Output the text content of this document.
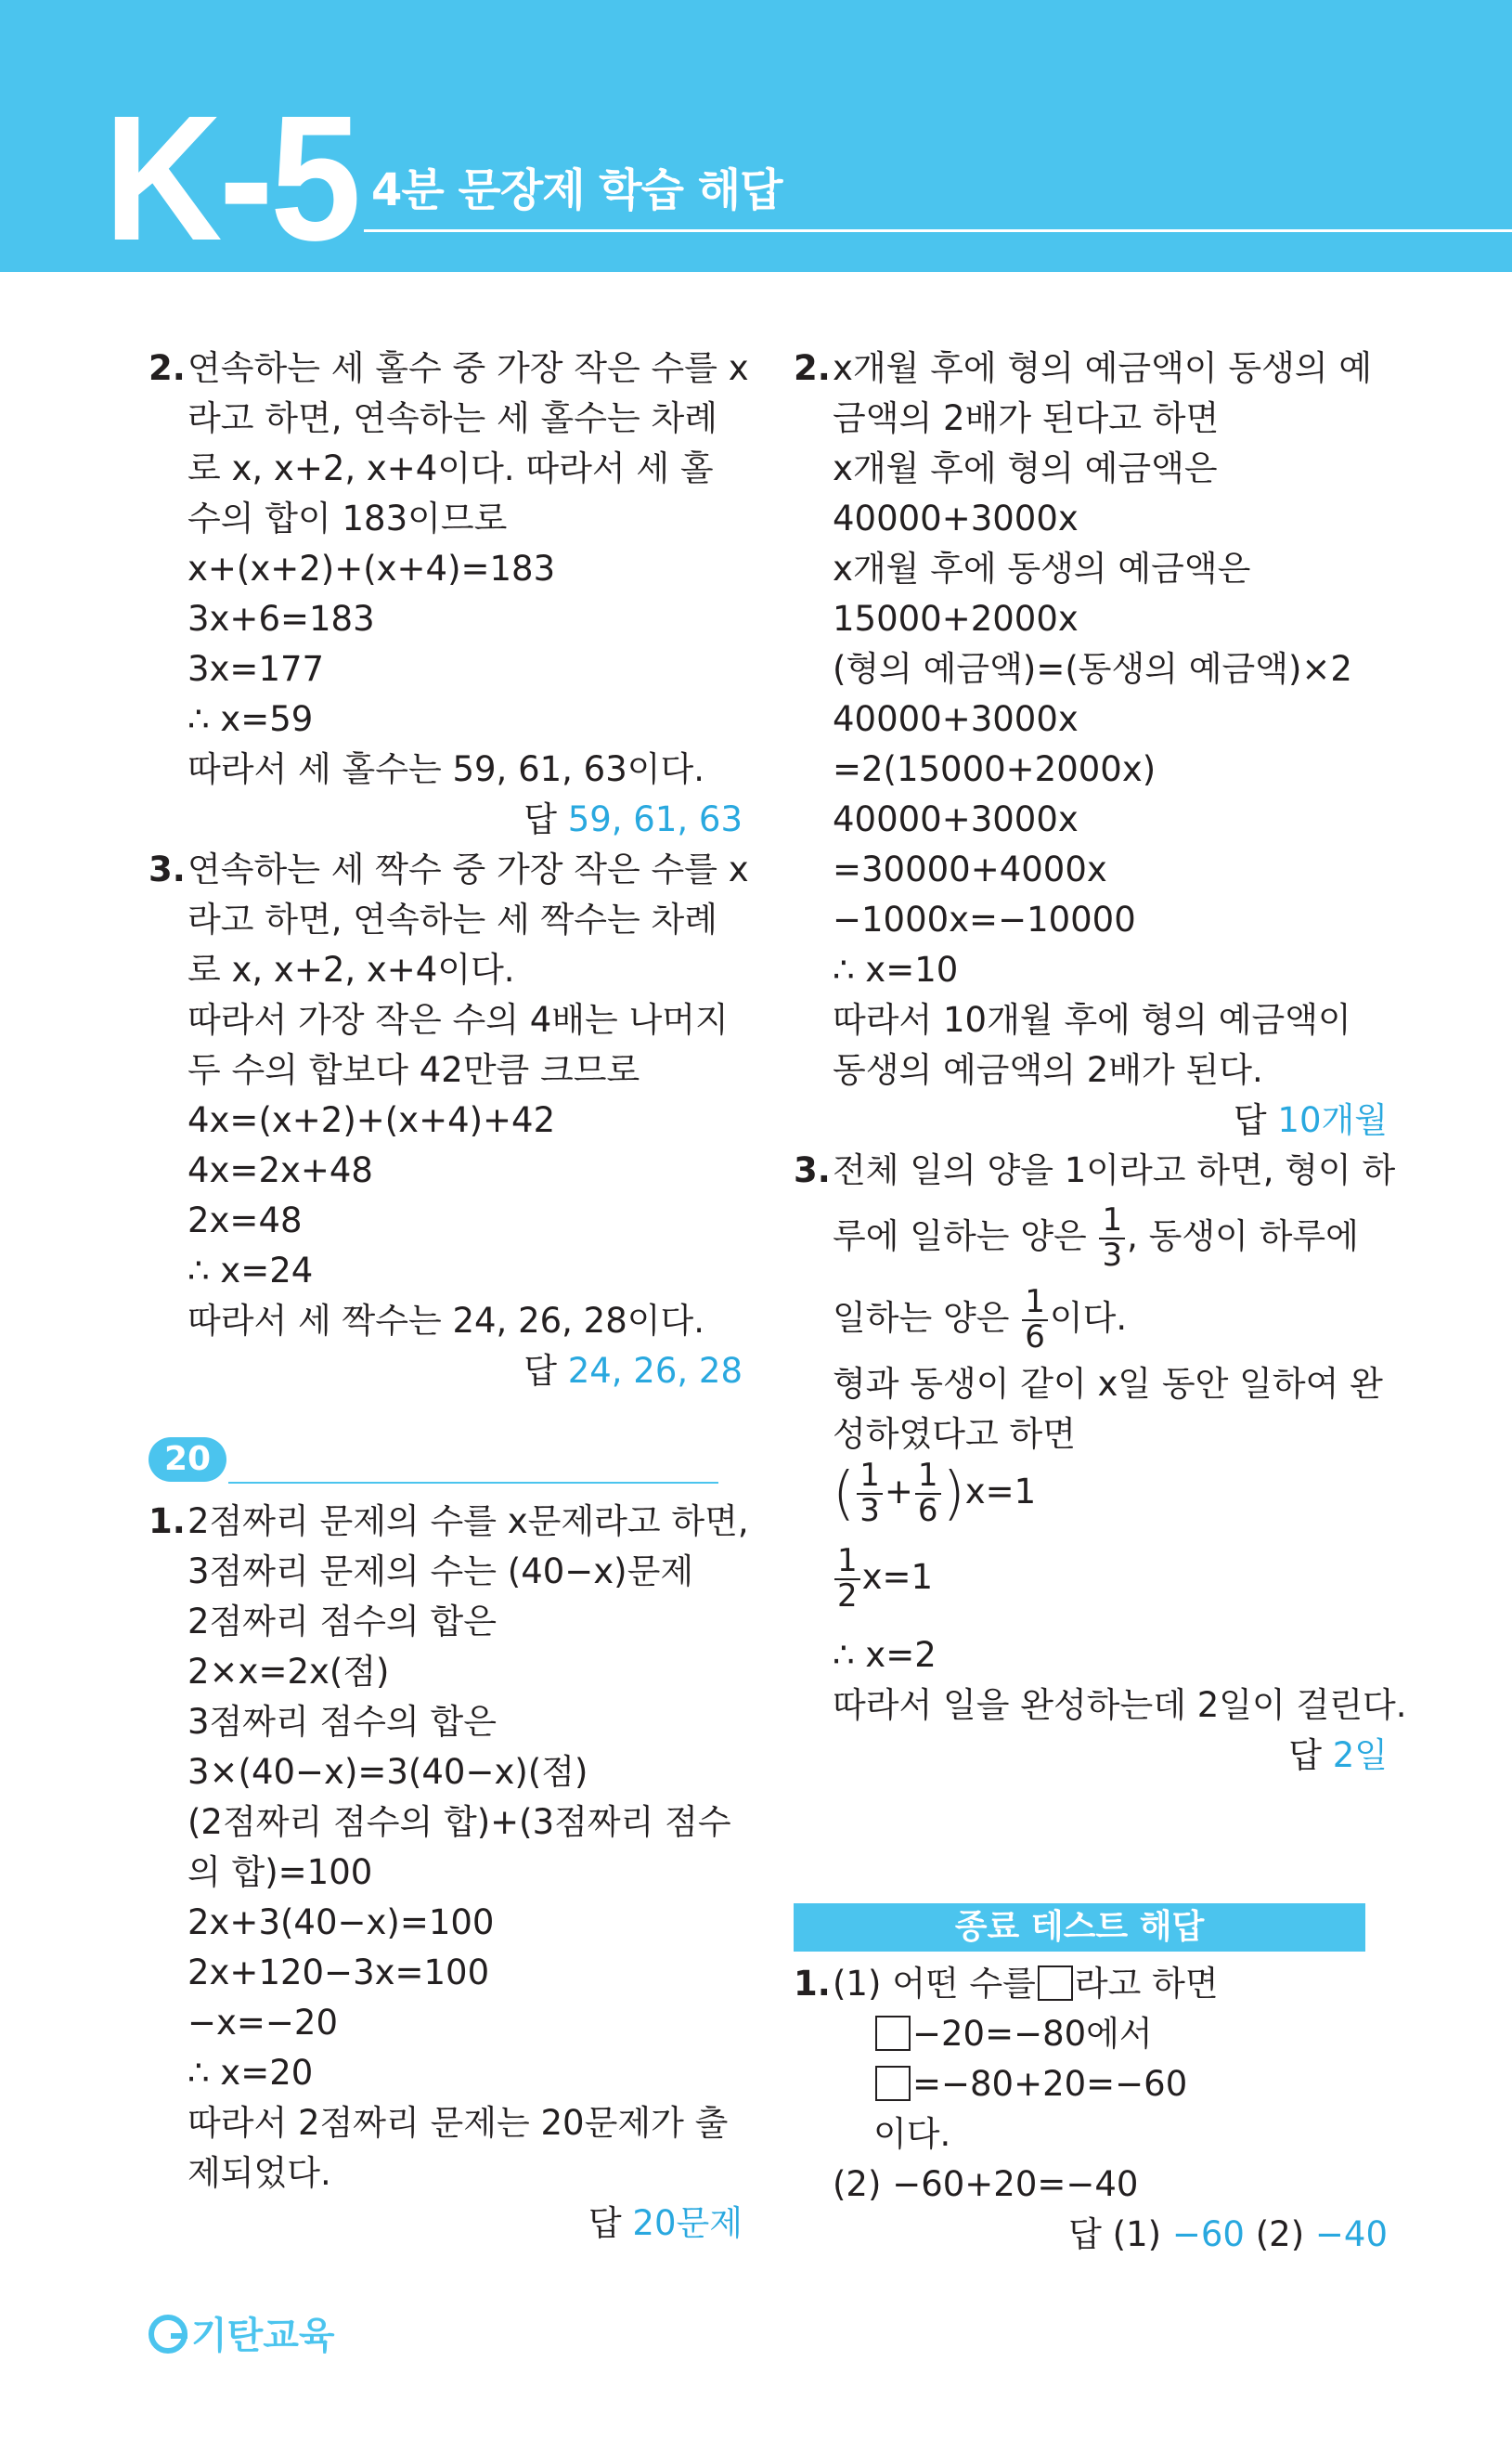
K-5 4분 문장제 학습 해답
2. 연속하는 세 홀수 중 가장 작은 수를 x
라고 하면, 연속하는 세 홀수는 차례
로 x, x+2, x+4이다. 따라서 세 홀
수의 합이 183이므로
x+(x+2)+(x+4)=183
3x+6=183
3x=177
∴ x=59
따라서 세 홀수는 59, 61, 63이다.
답 59, 61, 63
3. 연속하는 세 짝수 중 가장 작은 수를 x
라고 하면, 연속하는 세 짝수는 차례
로 x, x+2, x+4이다.
따라서 가장 작은 수의 4배는 나머지
두 수의 합보다 42만큼 크므로
4x=(x+2)+(x+4)+42
4x=2x+48
2x=48
∴ x=24
따라서 세 짝수는 24, 26, 28이다.
답 24, 26, 28
20
1. 2점짜리 문제의 수를 x문제라고 하면,
3점짜리 문제의 수는 (40−x)문제
2점짜리 점수의 합은
2×x=2x(점)
3점짜리 점수의 합은
3×(40−x)=3(40−x)(점)
(2점짜리 점수의 합)+(3점짜리 점수
의 합)=100
2x+3(40−x)=100
2x+120−3x=100
−x=−20
∴ x=20
따라서 2점짜리 문제는 20문제가 출
제되었다.
답 20문제
2. x개월 후에 형의 예금액이 동생의 예
금액의 2배가 된다고 하면
x개월 후에 형의 예금액은
40000+3000x
x개월 후에 동생의 예금액은
15000+2000x
(형의 예금액)=(동생의 예금액)×2
40000+3000x
=2(15000+2000x)
40000+3000x
=30000+4000x
−1000x=−10000
∴ x=10
따라서 10개월 후에 형의 예금액이
동생의 예금액의 2배가 된다.
답 10개월
3. 전체 일의 양을 1이라고 하면, 형이 하
루에 일하는 양은 $\frac{1}{3}$ , 동생이 하루에
일하는 양은 $\frac{1}{6}$ 이다.
형과 동생이 같이 x일 동안 일하여 완
성하였다고 하면
( $\frac{1}{3} + \frac{1}{6} )x=1$
$\frac{1}{2} x=1$
∴ x=2
따라서 일을 완성하는데 2일이 걸린다.
답 2일
종료 테스트 해답
1. (1) 어떤 수를 라고 하면
−20=−80에서
=−80+20=−60
이다.
(2) −60+20=−40
답 (1) −60 (2) −40
기탄교육
